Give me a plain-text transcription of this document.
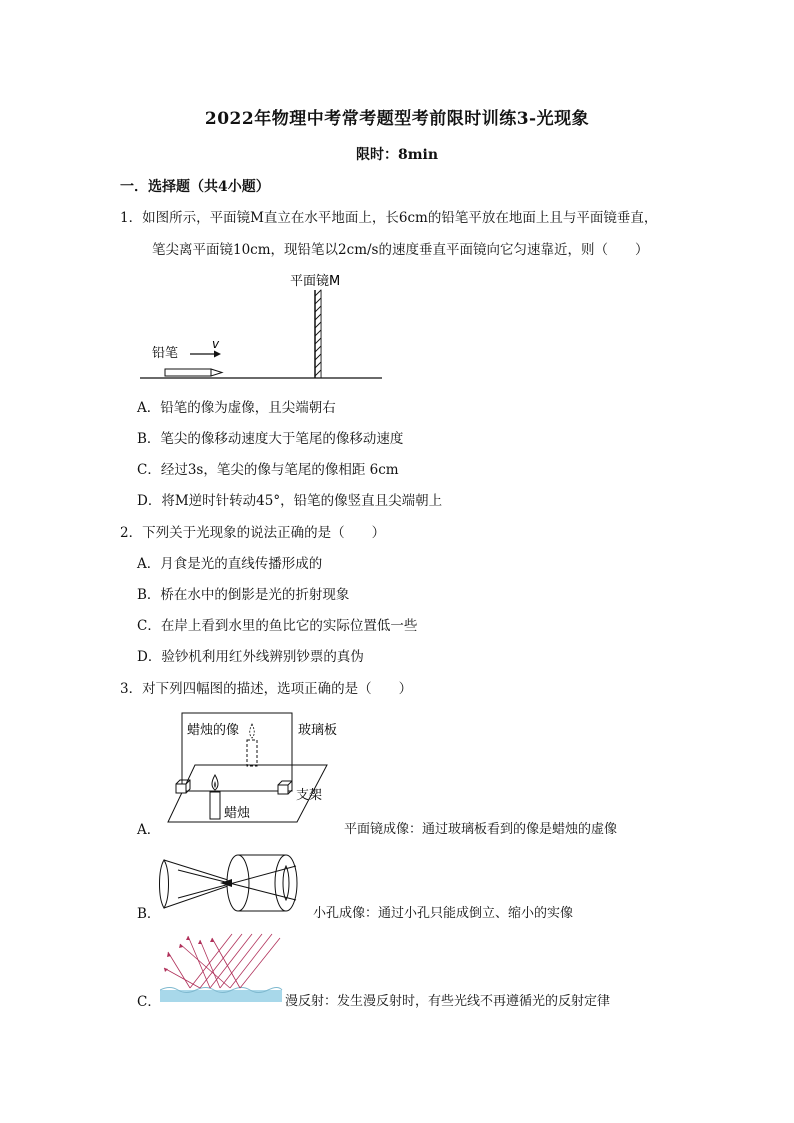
2022年物理中考常考题型考前限时训练3-光现象
限时：8min
一．选择题（共4小题）
1．如图所示，平面镜M直立在水平地面上，长6cm的铅笔平放在地面上且与平面镜垂直，
笔尖离平面镜10cm，现铅笔以2cm/s的速度垂直平面镜向它匀速靠近，则（　　）
平面镜M
铅笔
v
A．铅笔的像为虚像，且尖端朝右
B．笔尖的像移动速度大于笔尾的像移动速度
C．经过3s，笔尖的像与笔尾的像相距 6cm
D．将M逆时针转动45°，铅笔的像竖直且尖端朝上
2．下列关于光现象的说法正确的是（　　）
A．月食是光的直线传播形成的
B．桥在水中的倒影是光的折射现象
C．在岸上看到水里的鱼比它的实际位置低一些
D．验钞机利用红外线辨别钞票的真伪
3．对下列四幅图的描述，选项正确的是（　　）
蜡烛的像	玻璃板
支架
蜡烛
A．	平面镜成像：通过玻璃板看到的像是蜡烛的虚像
B．	小孔成像：通过小孔只能成倒立、缩小的实像
C．	漫反射：发生漫反射时，有些光线不再遵循光的反射定律
